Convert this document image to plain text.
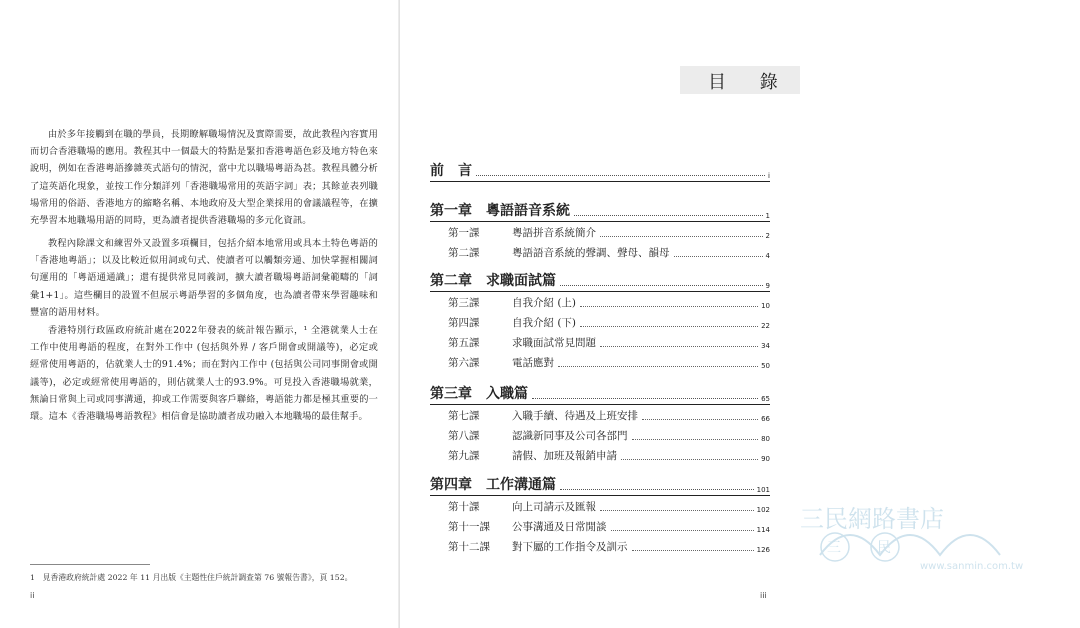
由於多年接觸到在職的學員，長期瞭解職場情況及實際需要，故此教程內容實用而切合香港職場的應用。教程其中一個最大的特點是緊扣香港粵語色彩及地方特色來說明，例如在香港粵語摻雜英式語句的情況，當中尤以職場粵語為甚。教程具體分析了這英語化現象，並按工作分類詳列「香港職場常用的英語字詞」表；其餘並表列職場常用的俗語、香港地方的縮略名稱、本地政府及大型企業採用的會議議程等，在擴充學習本地職場用語的同時，更為讀者提供香港職場的多元化資訊。

教程內除課文和練習外又設置多項欄目，包括介紹本地常用或具本土特色粵語的「香港地粵語」；以及比較近似用詞或句式、使讀者可以觸類旁通、加快掌握相關詞句運用的「粵語通通識」；還有提供常見同義詞，擴大讀者職場粵語詞彙範疇的「詞彙1+1」。這些欄目的設置不但展示粵語學習的多個角度，也為讀者帶來學習趣味和豐富的語用材料。

香港特別行政區政府統計處在2022年發表的統計報告顯示，¹ 全港就業人士在工作中使用粵語的程度，在對外工作中 (包括與外界 / 客戶開會或開議等)，必定或經常使用粵語的，佔就業人士的91.4%；而在對內工作中 (包括與公司同事開會或開議等)，必定或經常使用粵語的，則佔就業人士的93.9%。可見投入香港職場就業，無論日常與上司或同事溝通，抑或工作需要與客戶聯絡，粵語能力都是極其重要的一環。這本《香港職場粵語教程》相信會是協助讀者成功融入本地職場的最佳幫手。

1　見香港政府統計處 2022 年 11 月出版《主題性住戶統計調查第 76 號報告書》，頁 152。
ii
目 錄
前　言	i
第一章 粵語語音系統	1
第一課	粵語拼音系統簡介	2
第二課	粵語語音系統的聲調、聲母、韻母	4
第二章 求職面試篇	9
第三課	自我介紹 (上)	10
第四課	自我介紹 (下)	22
第五課	求職面試常見問題	34
第六課	電話應對	50
第三章 入職篇	65
第七課	入職手續、待遇及上班安排	66
第八課	認識新同事及公司各部門	80
第九課	請假、加班及報銷申請	90
第四章 工作溝通篇	101
第十課	向上司請示及匯報	102
第十一課	公事溝通及日常閒談	114
第十二課	對下屬的工作指令及訓示	126
iii
三	民
三民網路書店
www.sanmin.com.tw
